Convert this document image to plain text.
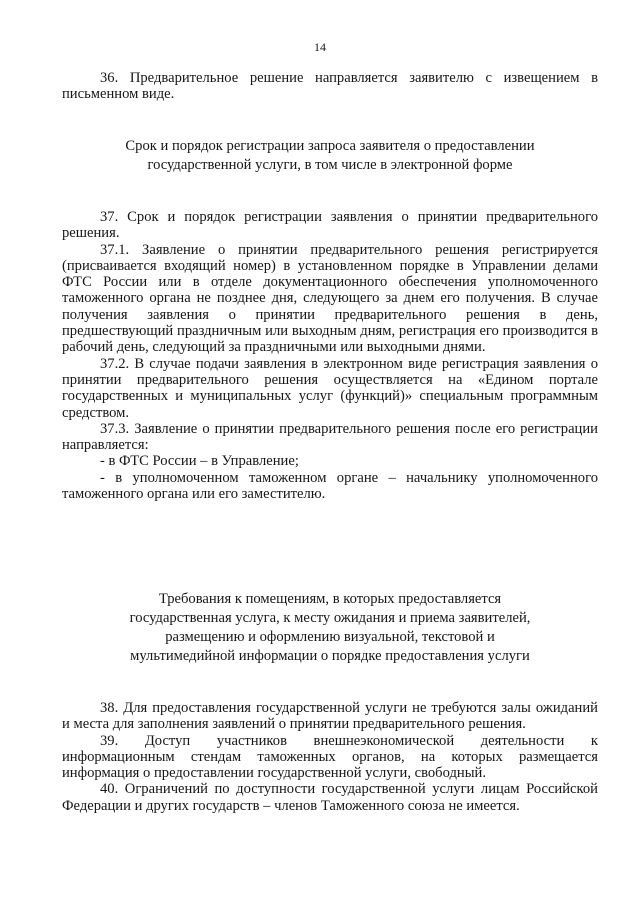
14

36. Предварительное решение направляется заявителю с извещением в письменном виде.

Срок и порядок регистрации запроса заявителя о предоставлении государственной услуги, в том числе в электронной форме

37. Срок и порядок регистрации заявления о принятии предварительного решения.

37.1. Заявление о принятии предварительного решения регистрируется (присваивается входящий номер) в установленном порядке в Управлении делами ФТС России или в отделе документационного обеспечения уполномоченного таможенного органа не позднее дня, следующего за днем его получения. В случае получения заявления о принятии предварительного решения в день, предшествующий праздничным или выходным дням, регистрация его производится в рабочий день, следующий за праздничными или выходными днями.

37.2. В случае подачи заявления в электронном виде регистрация заявления о принятии предварительного решения осуществляется на «Едином портале государственных и муниципальных услуг (функций)» специальным программным средством.

37.3. Заявление о принятии предварительного решения после его регистрации направляется:

- в ФТС России – в Управление;

- в уполномоченном таможенном органе – начальнику уполномоченного таможенного органа или его заместителю.

Требования к помещениям, в которых предоставляется государственная услуга, к месту ожидания и приема заявителей, размещению и оформлению визуальной, текстовой и мультимедийной информации о порядке предоставления услуги

38. Для предоставления государственной услуги не требуются залы ожиданий и места для заполнения заявлений о принятии предварительного решения.

39. Доступ участников внешнеэкономической деятельности к информационным стендам таможенных органов, на которых размещается информация о предоставлении государственной услуги, свободный.

40. Ограничений по доступности государственной услуги лицам Российской Федерации и других государств – членов Таможенного союза не имеется.
